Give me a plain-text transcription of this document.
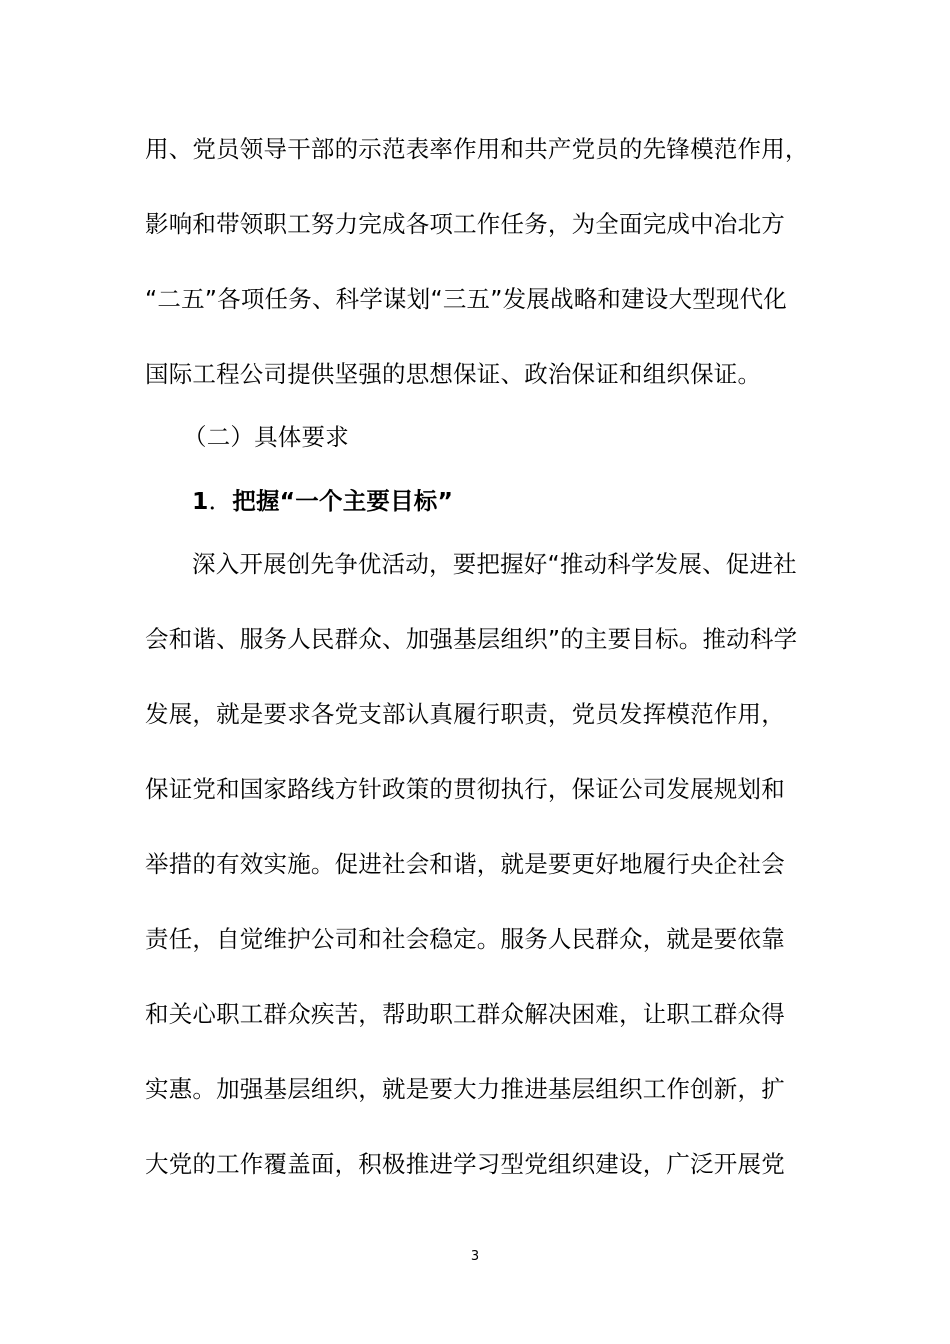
用、党员领导干部的示范表率作用和共产党员的先锋模范作用，
影响和带领职工努力完成各项工作任务，为全面完成中冶北方
“二五”各项任务、科学谋划“三五”发展战略和建设大型现代化
国际工程公司提供坚强的思想保证、政治保证和组织保证。
（二）具体要求
1．把握“一个主要目标”
深入开展创先争优活动，要把握好“推动科学发展、促进社
会和谐、服务人民群众、加强基层组织”的主要目标。推动科学
发展，就是要求各党支部认真履行职责，党员发挥模范作用，
保证党和国家路线方针政策的贯彻执行，保证公司发展规划和
举措的有效实施。促进社会和谐，就是要更好地履行央企社会
责任，自觉维护公司和社会稳定。服务人民群众，就是要依靠
和关心职工群众疾苦，帮助职工群众解决困难，让职工群众得
实惠。加强基层组织，就是要大力推进基层组织工作创新，扩
大党的工作覆盖面，积极推进学习型党组织建设，广泛开展党
3
